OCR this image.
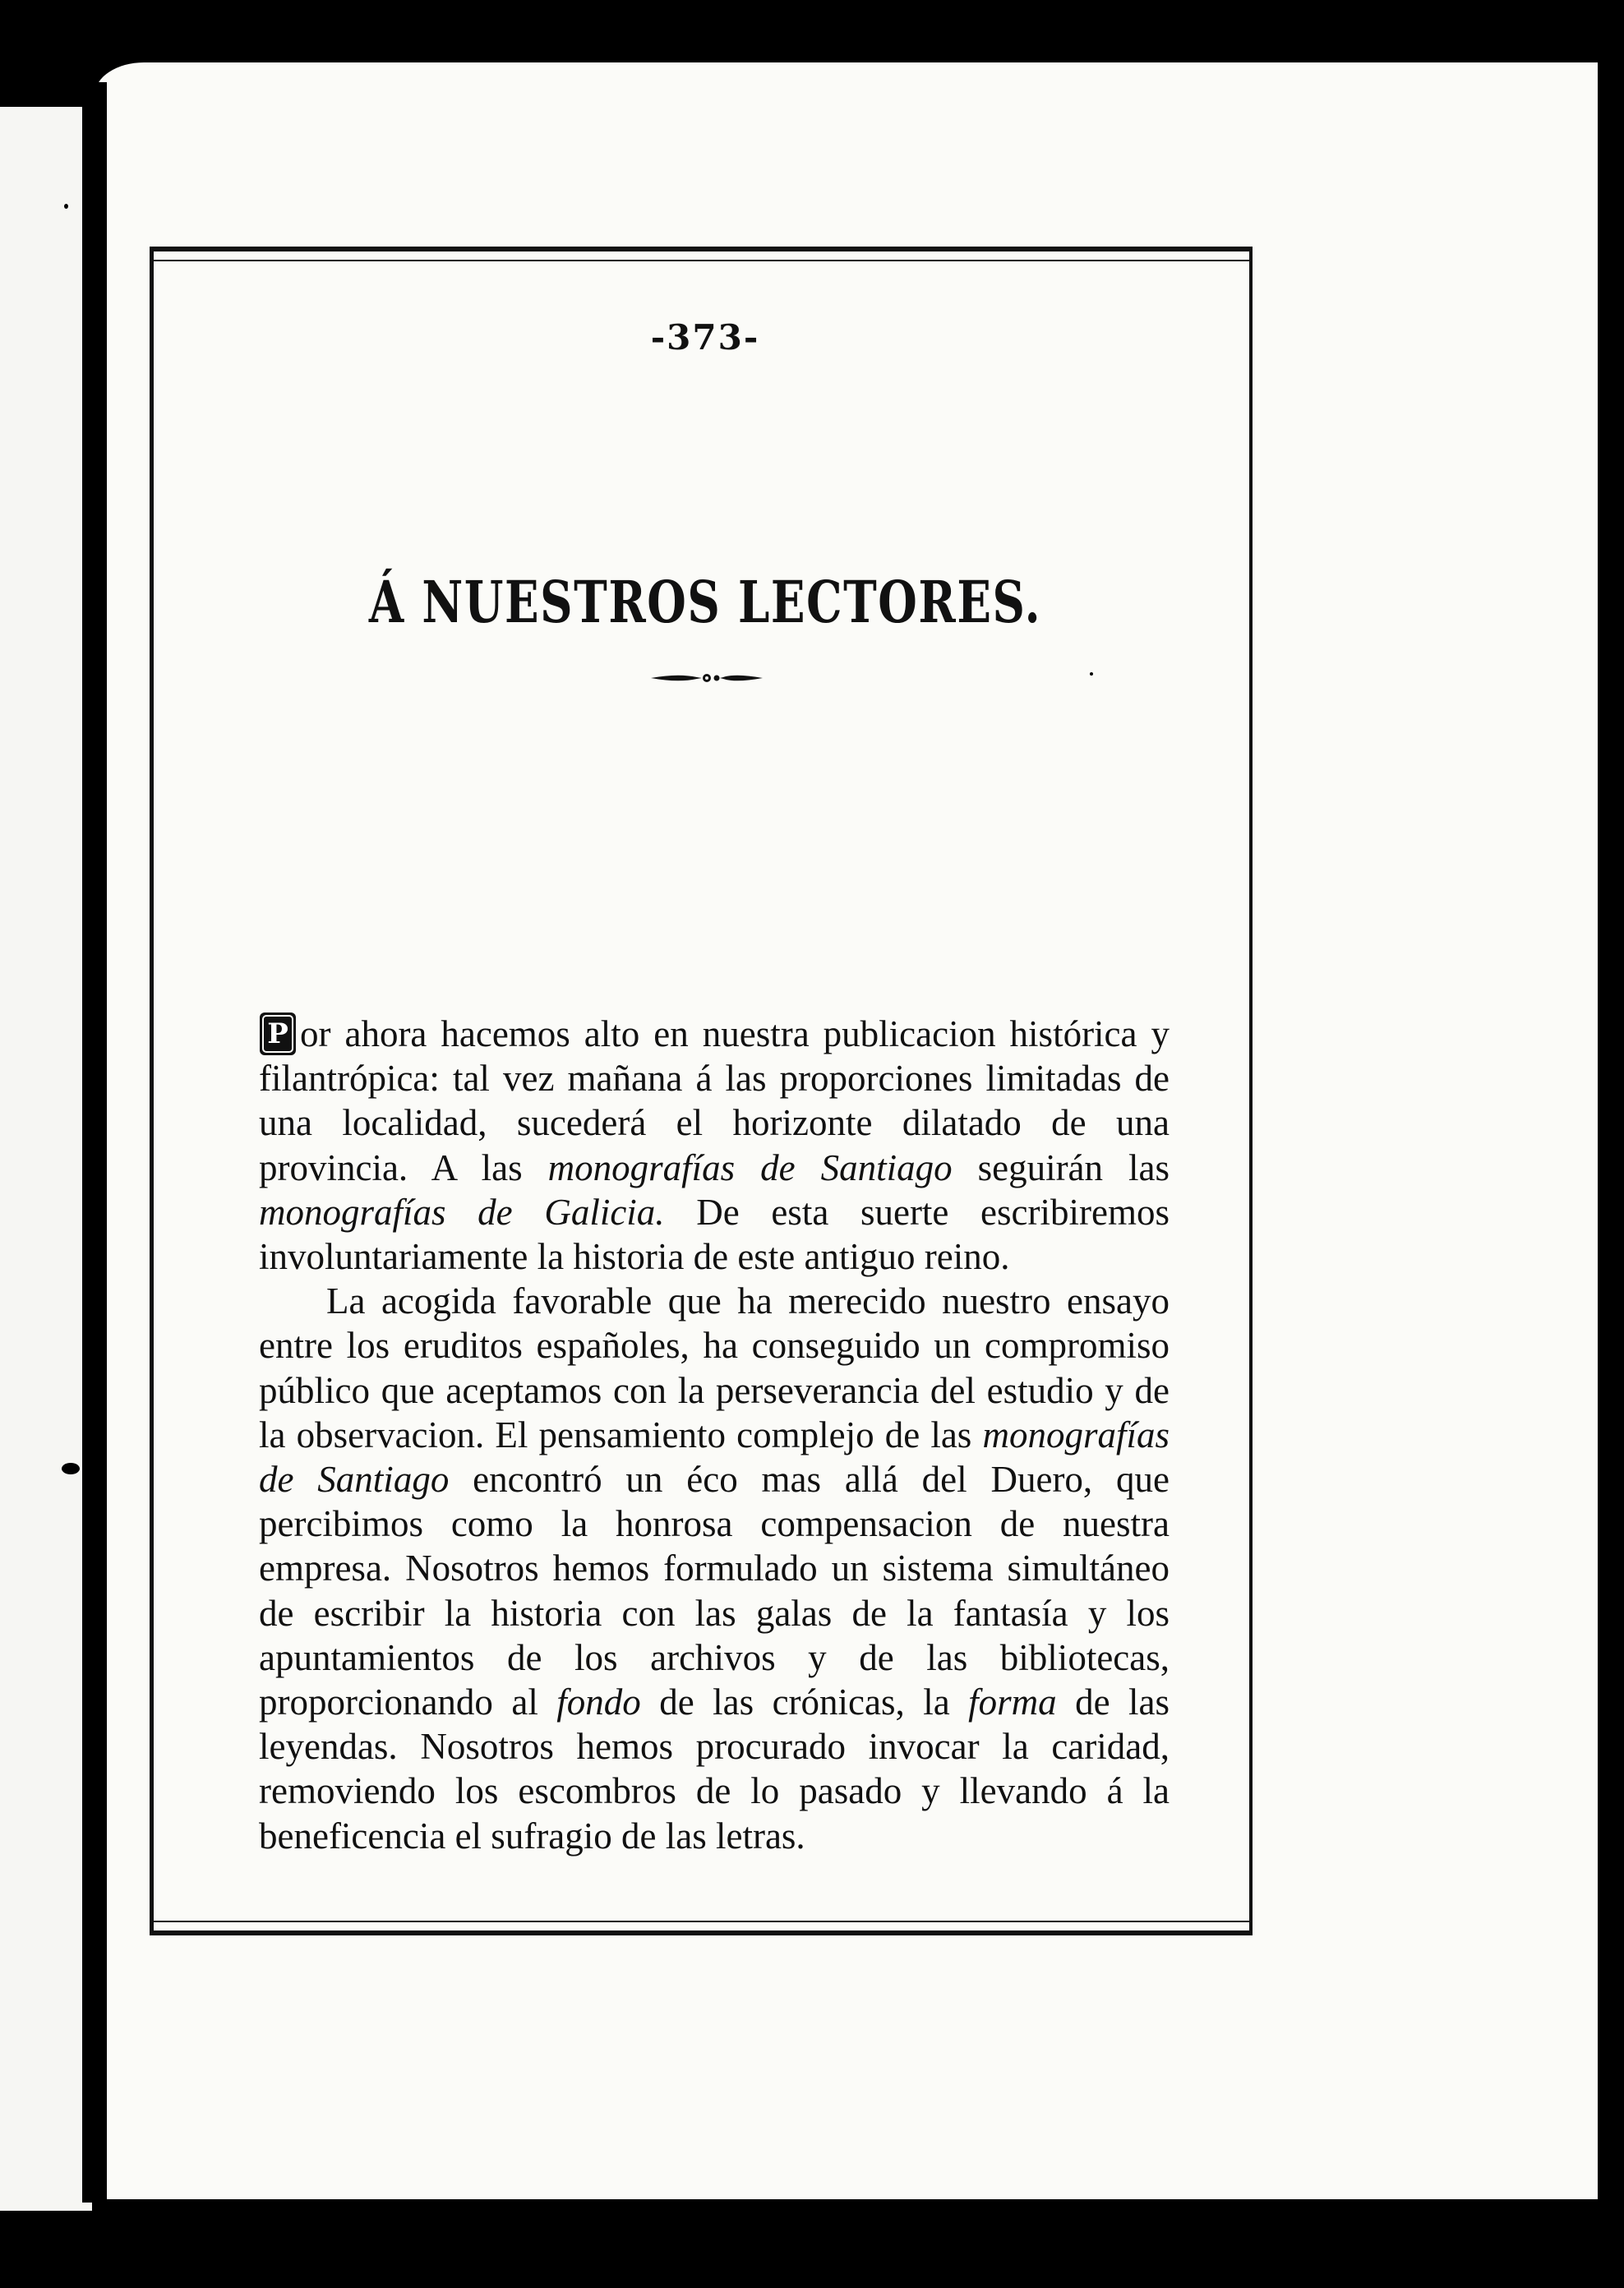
-373-
Á NUESTROS LECTORES.

P or ahora hacemos alto en nuestra publicacion histórica y filantrópica: tal vez mañana á las proporciones limitadas de una localidad, sucederá el horizonte dilatado de una provincia. A las monografías de Santiago seguirán las monografías de Galicia. De esta suerte escribiremos involuntariamente la historia de este antiguo reino.

La acogida favorable que ha merecido nuestro ensayo entre los eruditos españoles, ha conseguido un compromiso público que aceptamos con la perseverancia del estudio y de la observacion. El pensamiento complejo de las monografías de Santiago encontró un éco mas allá del Duero, que percibimos como la honrosa compensacion de nuestra empresa. Nosotros hemos formulado un sistema simultáneo de escribir la historia con las galas de la fantasía y los apuntamientos de los archivos y de las bibliotecas, proporcionando al fondo de las crónicas, la forma de las leyendas. Nosotros hemos procurado invocar la caridad, removiendo los escombros de lo pasado y llevando á la beneficencia el sufragio de las letras.
